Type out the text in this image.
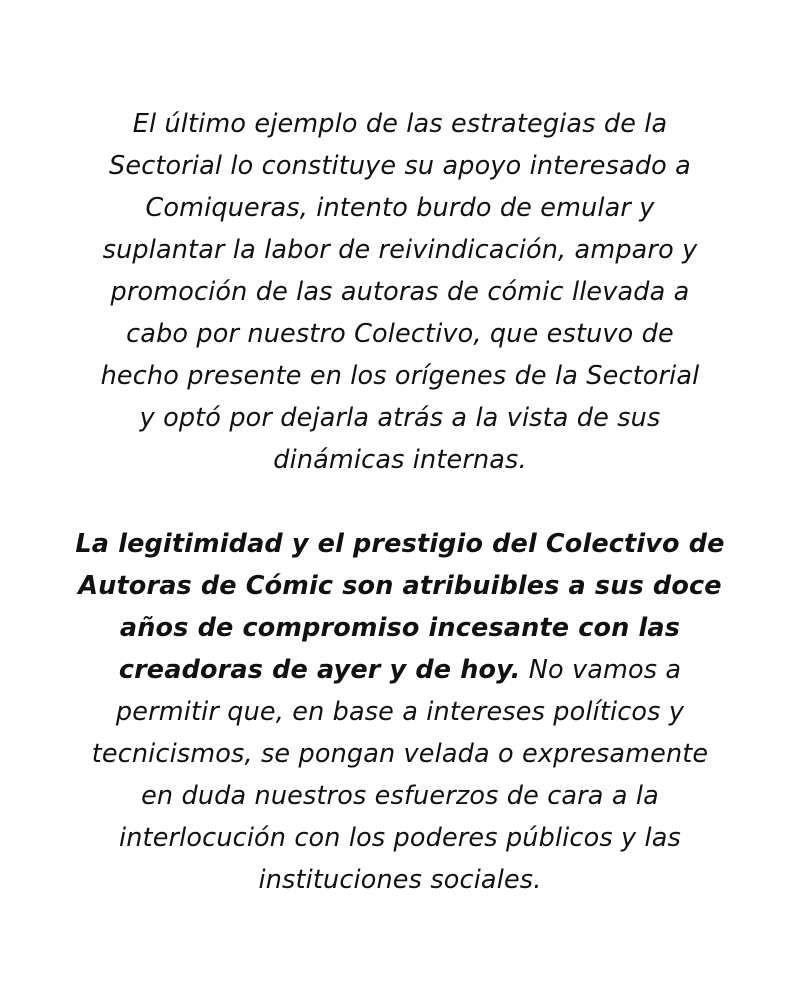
El último ejemplo de las estrategias de la
Sectorial lo constituye su apoyo interesado a
Comiqueras, intento burdo de emular y
suplantar la labor de reivindicación, amparo y
promoción de las autoras de cómic llevada a
cabo por nuestro Colectivo, que estuvo de
hecho presente en los orígenes de la Sectorial
y optó por dejarla atrás a la vista de sus
dinámicas internas.
La legitimidad y el prestigio del Colectivo de
Autoras de Cómic son atribuibles a sus doce
años de compromiso incesante con las
creadoras de ayer y de hoy. No vamos a
permitir que, en base a intereses políticos y
tecnicismos, se pongan velada o expresamente
en duda nuestros esfuerzos de cara a la
interlocución con los poderes públicos y las
instituciones sociales.
